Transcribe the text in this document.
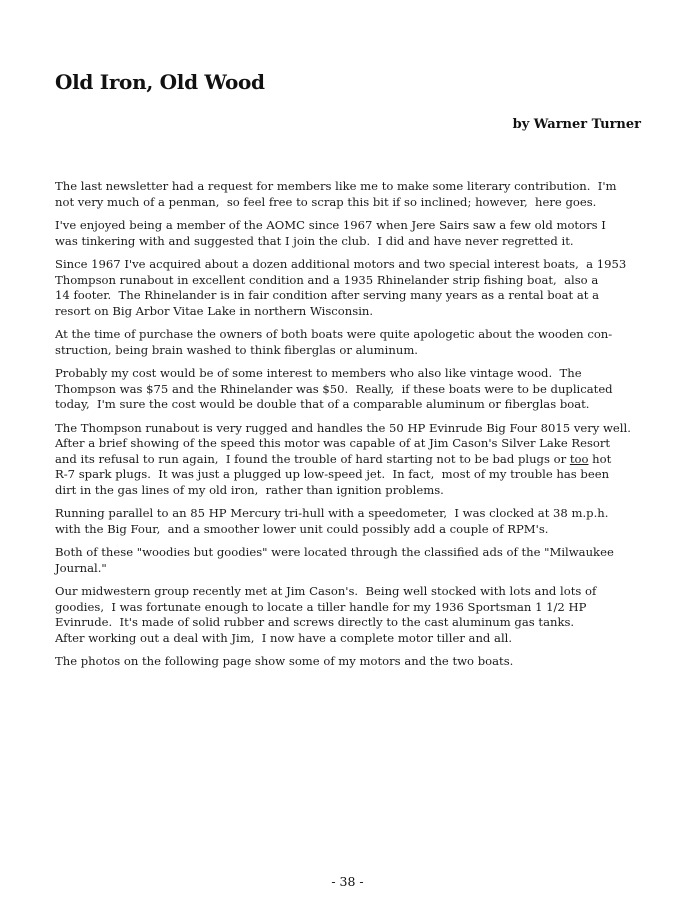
Old Iron, Old Wood

by Warner Turner

The last newsletter had a request for members like me to make some literary contribution.  I'm
not very much of a penman,  so feel free to scrap this bit if so inclined; however,  here goes.

I've enjoyed being a member of the AOMC since 1967 when Jere Sairs saw a few old motors I
was tinkering with and suggested that I join the club.  I did and have never regretted it.

Since 1967 I've acquired about a dozen additional motors and two special interest boats,  a 1953
Thompson runabout in excellent condition and a 1935 Rhinelander strip fishing boat,  also a
14 footer.  The Rhinelander is in fair condition after serving many years as a rental boat at a
resort on Big Arbor Vitae Lake in northern Wisconsin.

At the time of purchase the owners of both boats were quite apologetic about the wooden con-
struction, being brain washed to think fiberglas or aluminum.

Probably my cost would be of some interest to members who also like vintage wood.  The
Thompson was $75 and the Rhinelander was $50.  Really,  if these boats were to be duplicated
today,  I'm sure the cost would be double that of a comparable aluminum or fiberglas boat.

The Thompson runabout is very rugged and handles the 50 HP Evinrude Big Four 8015 very well.
After a brief showing of the speed this motor was capable of at Jim Cason's Silver Lake Resort
and its refusal to run again,  I found the trouble of hard starting not to be bad plugs or too hot
R-7 spark plugs.  It was just a plugged up low-speed jet.  In fact,  most of my trouble has been
dirt in the gas lines of my old iron,  rather than ignition problems.

Running parallel to an 85 HP Mercury tri-hull with a speedometer,  I was clocked at 38 m.p.h.
with the Big Four,  and a smoother lower unit could possibly add a couple of RPM's.

Both of these "woodies but goodies" were located through the classified ads of the "Milwaukee
Journal."

Our midwestern group recently met at Jim Cason's.  Being well stocked with lots and lots of
goodies,  I was fortunate enough to locate a tiller handle for my 1936 Sportsman 1 1/2 HP
Evinrude.  It's made of solid rubber and screws directly to the cast aluminum gas tanks.
After working out a deal with Jim,  I now have a complete motor tiller and all.

The photos on the following page show some of my motors and the two boats.

- 38 -
